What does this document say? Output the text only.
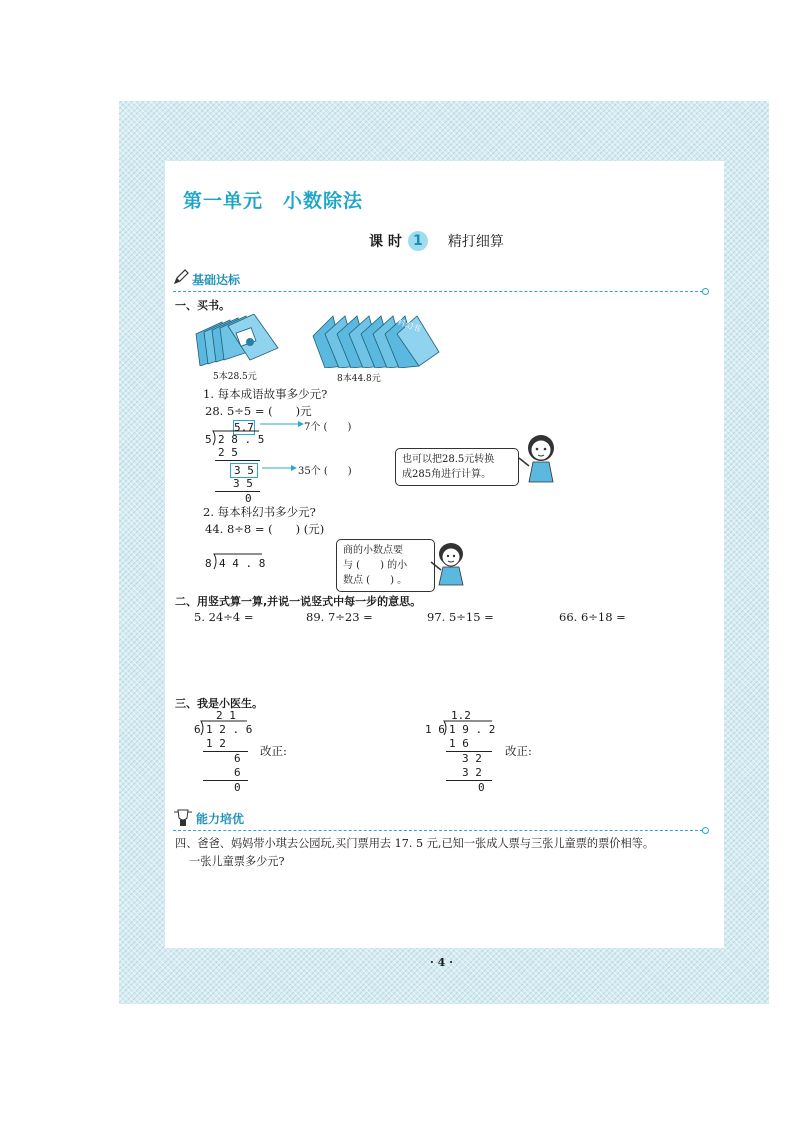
第一单元　小数除法
课 时 1	精打细算
基础达标
一、买书。
5本28.5元
科幻书
8本44.8元
1. 每本成语故事多少元?
28. 5÷5 = (　　)元
5.7
5 2 8 . 5
2 5
3 5
3 5
0
7个 (　　)
35个 (　　)
也可以把28.5元转换
成285角进行计算。
2. 每本科幻书多少元?
44. 8÷8 = (　　) (元)
8 4 4 . 8
商的小数点要
与 (　　) 的小
数点 (　　) 。
二、用竖式算一算,并说一说竖式中每一步的意思。
5. 24÷4 =	89. 7÷23 =	97. 5÷15 =	66. 6÷18 =
三、我是小医生。
2 1
6 1 2 . 6
1 2
6
6
0
改正:
1.2
1 6 1 9 . 2
1 6
3 2
3 2
0
改正:
能力培优
四、爸爸、妈妈带小琪去公园玩,买门票用去 17. 5 元,已知一张成人票与三张儿童票的票价相等。
一张儿童票多少元?
· 4 ·
